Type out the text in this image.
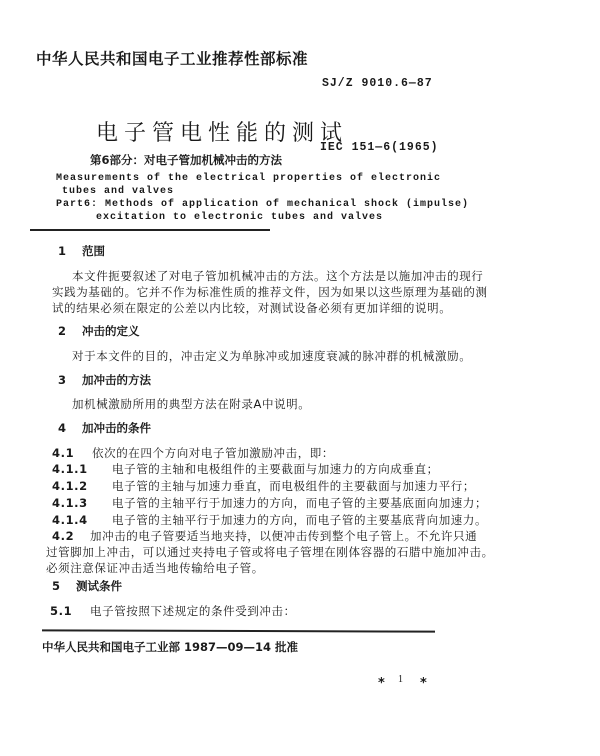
中华人民共和国电子工业推荐性部标准
SJ/Z 9010.6—87
电子管电性能的测试
IEC 151—6(1965)
第6部分：对电子管加机械冲击的方法
Measurements of the electrical properties of electronic
tubes and valves
Part6: Methods of application of mechanical shock (impulse)
excitation to electronic tubes and valves
1 范围
本文件扼要叙述了对电子管加机械冲击的方法。这个方法是以施加冲击的现行
实践为基础的。它并不作为标准性质的推荐文件，因为如果以这些原理为基础的测
试的结果必须在限定的公差以内比较，对测试设备必须有更加详细的说明。
2 冲击的定义
对于本文件的目的，冲击定义为单脉冲或加速度衰减的脉冲群的机械激励。
3 加冲击的方法
加机械激励所用的典型方法在附录A中说明。
4 加冲击的条件
4.1 依次的在四个方向对电子管加激励冲击，即：
4.1.1 电子管的主轴和电极组件的主要截面与加速力的方向成垂直；
4.1.2 电子管的主轴与加速力垂直，而电极组件的主要截面与加速力平行；
4.1.3 电子管的主轴平行于加速力的方向，而电子管的主要基底面向加速力；
4.1.4 电子管的主轴平行于加速力的方向，而电子管的主要基底背向加速力。
4.2 加冲击的电子管要适当地夹持，以便冲击传到整个电子管上。不允许只通
过管脚加上冲击，可以通过夹持电子管或将电子管埋在刚体容器的石腊中施加冲击。
必须注意保证冲击适当地传输给电子管。
5 测试条件
5.1 电子管按照下述规定的条件受到冲击：
中华人民共和国电子工业部 1987—09—14 批准
* 1 *
